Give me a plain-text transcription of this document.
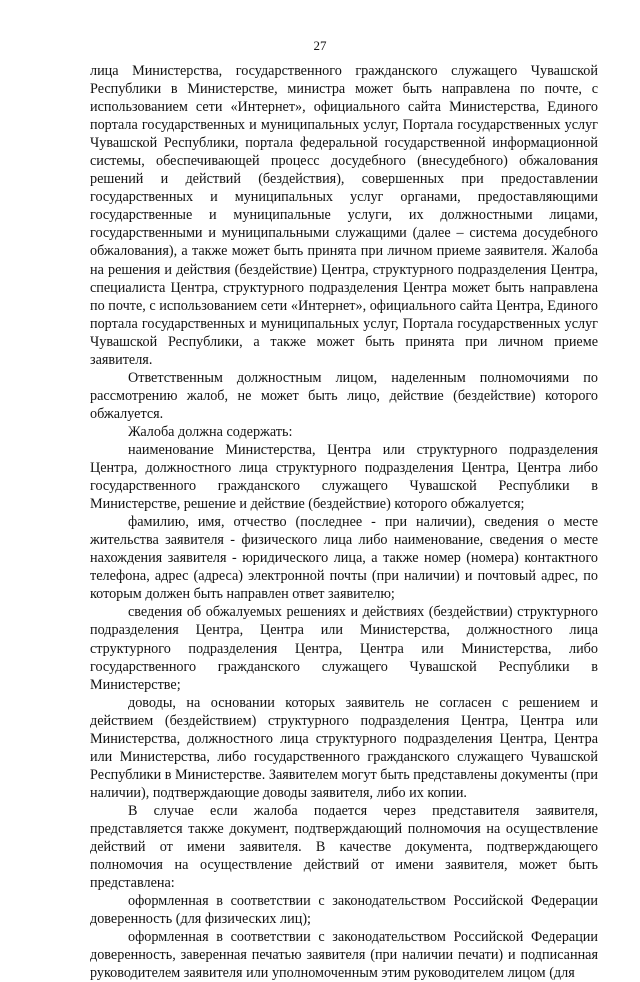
27

лица Министерства, государственного гражданского служащего Чувашской Республики в Министерстве, министра может быть направлена по почте, с использованием сети «Интернет», официального сайта Министерства, Единого портала государственных и муниципальных услуг, Портала государственных услуг Чувашской Республики, портала федеральной государственной информационной системы, обеспечивающей процесс досудебного (внесудебного) обжалования решений и действий (бездействия), совершенных при предоставлении государственных и муниципальных услуг органами, предоставляющими государственные и муниципальные услуги, их должностными лицами, государственными и муниципальными служащими (далее – система досудебного обжалования), а также может быть принята при личном приеме заявителя. Жалоба на решения и действия (бездействие) Центра, структурного подразделения Центра, специалиста Центра, структурного подразделения Центра может быть направлена по почте, с использованием сети «Интернет», официального сайта Центра, Единого портала государственных и муниципальных услуг, Портала государственных услуг Чувашской Республики, а также может быть принята при личном приеме заявителя.

Ответственным должностным лицом, наделенным полномочиями по рассмотрению жалоб, не может быть лицо, действие (бездействие) которого обжалуется.

Жалоба должна содержать:

наименование Министерства, Центра или структурного подразделения Центра, должностного лица структурного подразделения Центра, Центра либо государственного гражданского служащего Чувашской Республики в Министерстве, решение и действие (бездействие) которого обжалуется;

фамилию, имя, отчество (последнее - при наличии), сведения о месте жительства заявителя - физического лица либо наименование, сведения о месте нахождения заявителя - юридического лица, а также номер (номера) контактного телефона, адрес (адреса) электронной почты (при наличии) и почтовый адрес, по которым должен быть направлен ответ заявителю;

сведения об обжалуемых решениях и действиях (бездействии) структурного подразделения Центра, Центра или Министерства, должностного лица структурного подразделения Центра, Центра или Министерства, либо государственного гражданского служащего Чувашской Республики в Министерстве;

доводы, на основании которых заявитель не согласен с решением и действием (бездействием) структурного подразделения Центра, Центра или Министерства, должностного лица структурного подразделения Центра, Центра или Министерства, либо государственного гражданского служащего Чувашской Республики в Министерстве. Заявителем могут быть представлены документы (при наличии), подтверждающие доводы заявителя, либо их копии.

В случае если жалоба подается через представителя заявителя, представляется также документ, подтверждающий полномочия на осуществление действий от имени заявителя. В качестве документа, подтверждающего полномочия на осуществление действий от имени заявителя, может быть представлена:

оформленная в соответствии с законодательством Российской Федерации доверенность (для физических лиц);

оформленная в соответствии с законодательством Российской Федерации доверенность, заверенная печатью заявителя (при наличии печати) и подписанная руководителем заявителя или уполномоченным этим руководителем лицом (для
